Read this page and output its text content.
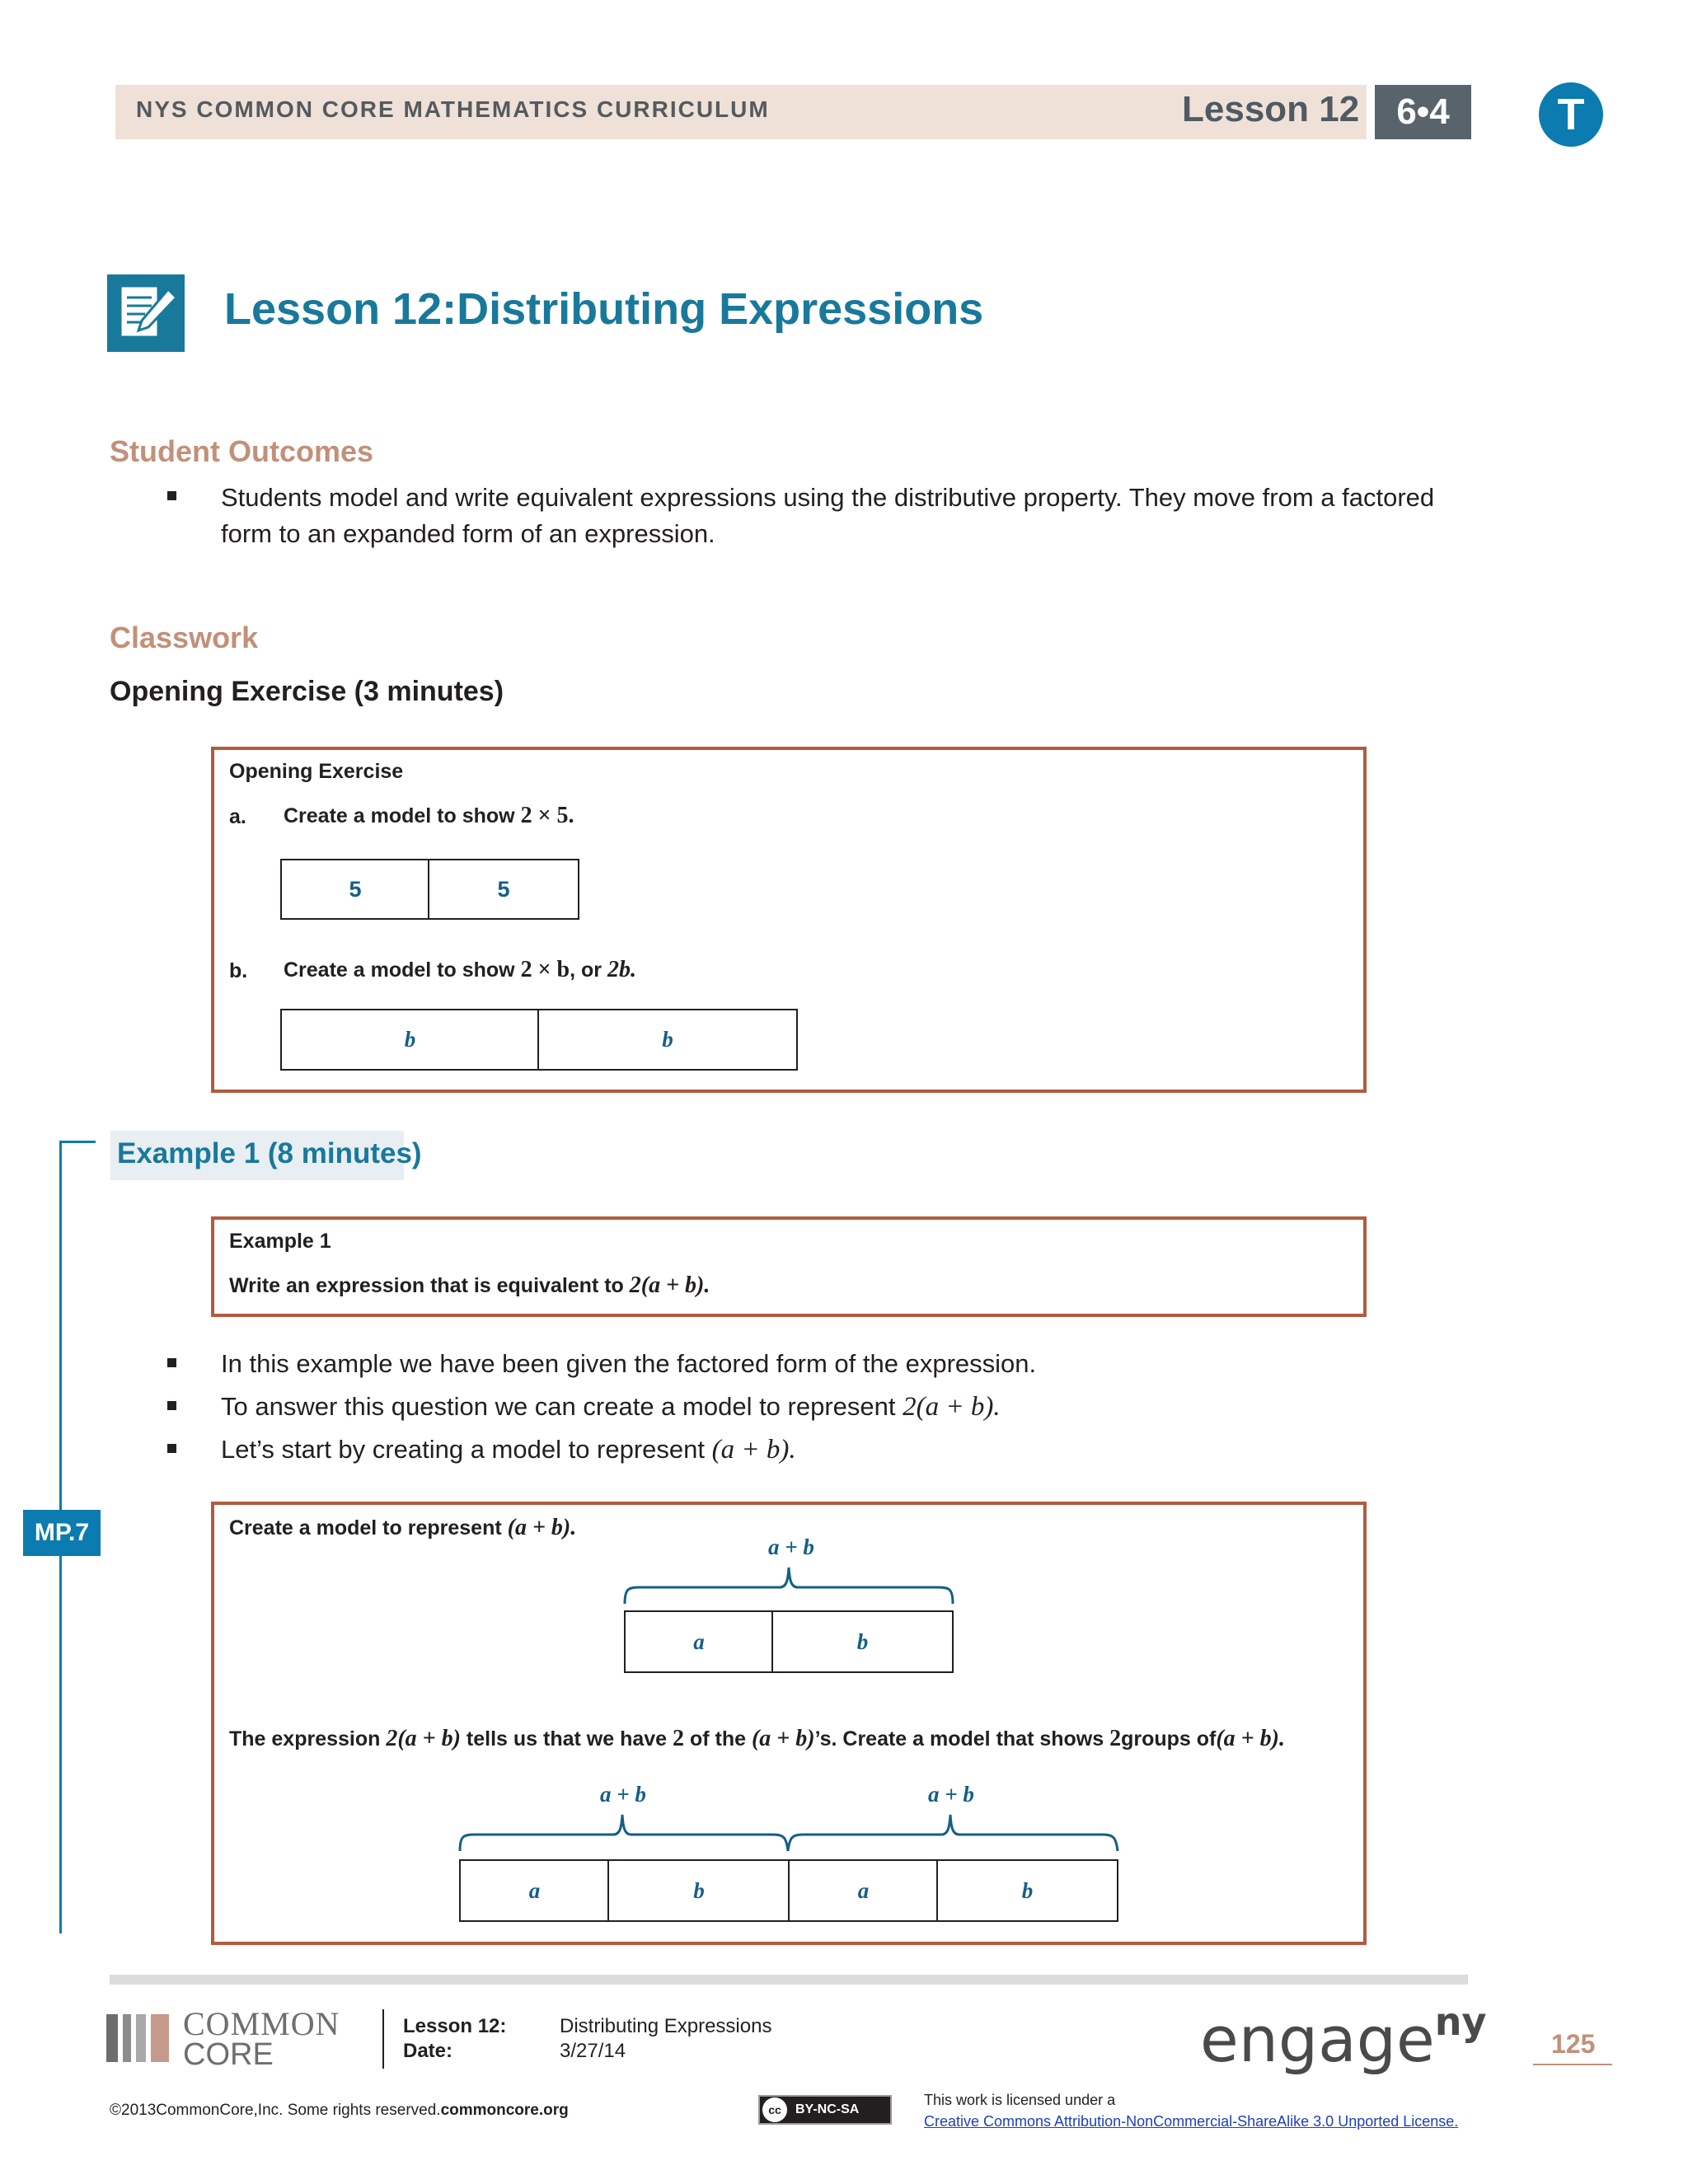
NYS COMMON CORE MATHEMATICS CURRICULUM	Lesson 12	6•4	T
Lesson 12:Distributing Expressions
Student Outcomes
Students model and write equivalent expressions using the distributive property. They move from a factored
form to an expanded form of an expression.
Classwork
Opening Exercise (3 minutes)
Opening Exercise
a. Create a model to show 2 × 5.
5	5
b. Create a model to show 2 × b, or 2b.
b	b
Example 1 (8 minutes)
MP.7
Example 1
Write an expression that is equivalent to 2(a + b).
In this example we have been given the factored form of the expression.
To answer this question we can create a model to represent 2(a + b).
Let’s start by creating a model to represent (a + b).
Create a model to represent (a + b).
a + b
a	b
The expression 2(a + b) tells us that we have 2 of the (a + b)’s. Create a model that shows 2groups of(a + b).
a + b	a + b
a	b	a	b
COMMON
CORE
Lesson 12:
Date:
Distributing Expressions
3/27/14	engage$^{ny}$
125
©2013CommonCore,Inc. Some rights reserved.commoncore.org	cc	BY-NC-SA
This work is licensed under a
Creative Commons Attribution-NonCommercial-ShareAlike 3.0 Unported License.
